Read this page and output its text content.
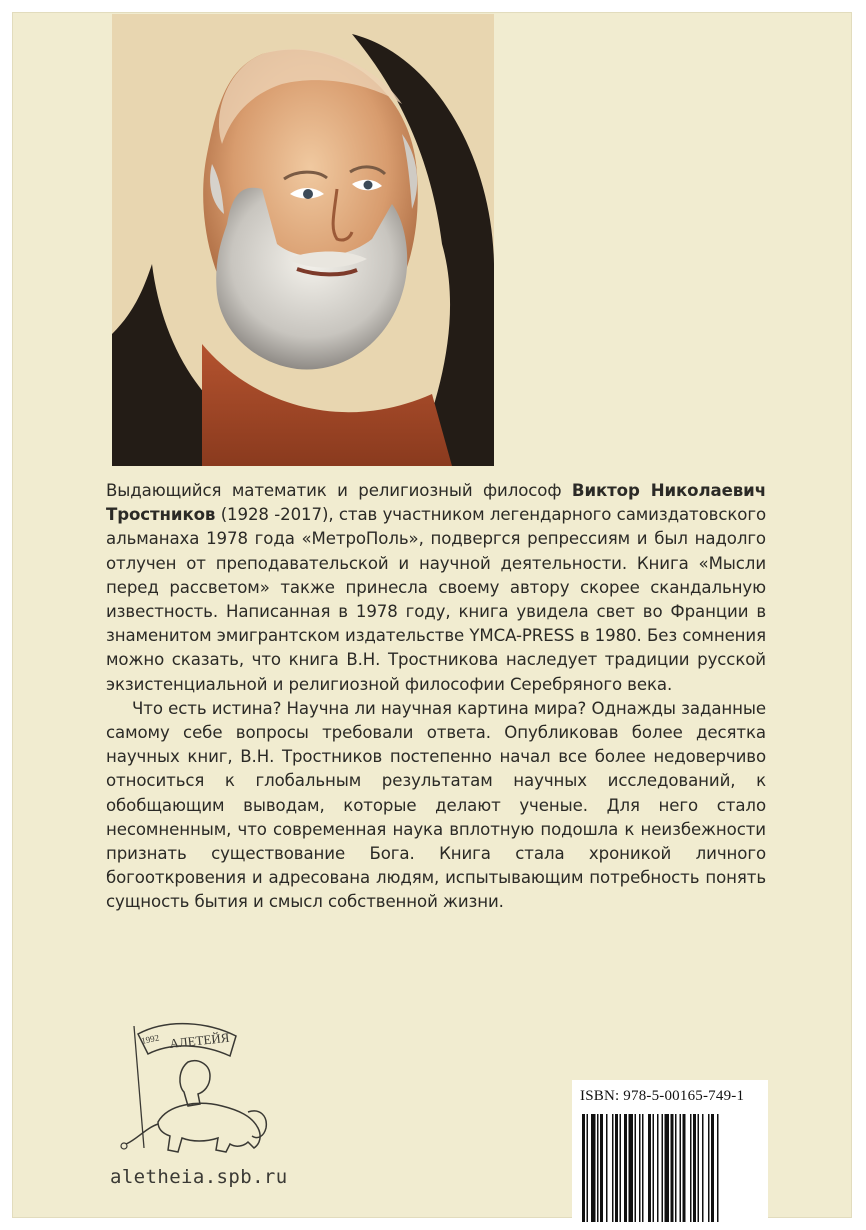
Выдающийся математик и религиозный философ Виктор Николаевич Тростников (1928 -2017), став участником легендарного самиздатовского альманаха 1978 года «МетроПоль», подвергся репрессиям и был надолго отлучен от преподавательской и научной деятельности. Книга «Мысли перед рассветом» также принесла своему автору скорее скандальную известность. Написанная в 1978 году, книга увидела свет во Франции в знаменитом эмигрантском издательстве YMCA-PRESS в 1980. Без сомнения можно сказать, что книга В.Н. Тростникова наследует традиции русской экзистенциальной и религиозной философии Серебряного века.

Что есть истина? Научна ли научная картина мира? Однажды заданные самому себе вопросы требовали ответа. Опубликовав более десятка научных книг, В.Н. Тростников постепенно начал все более недоверчиво относиться к глобальным результатам научных исследований, к обобщающим выводам, которые делают ученые. Для него стало несомненным, что современная наука вплотную подошла к неизбежности признать существование Бога. Книга стала хроникой личного богооткровения и адресована людям, испытывающим потребность понять сущность бытия и смысл собственной жизни.

1992 АЛЕТЕЙЯ
aletheia.spb.ru
ISBN: 978-5-00165-749-1
